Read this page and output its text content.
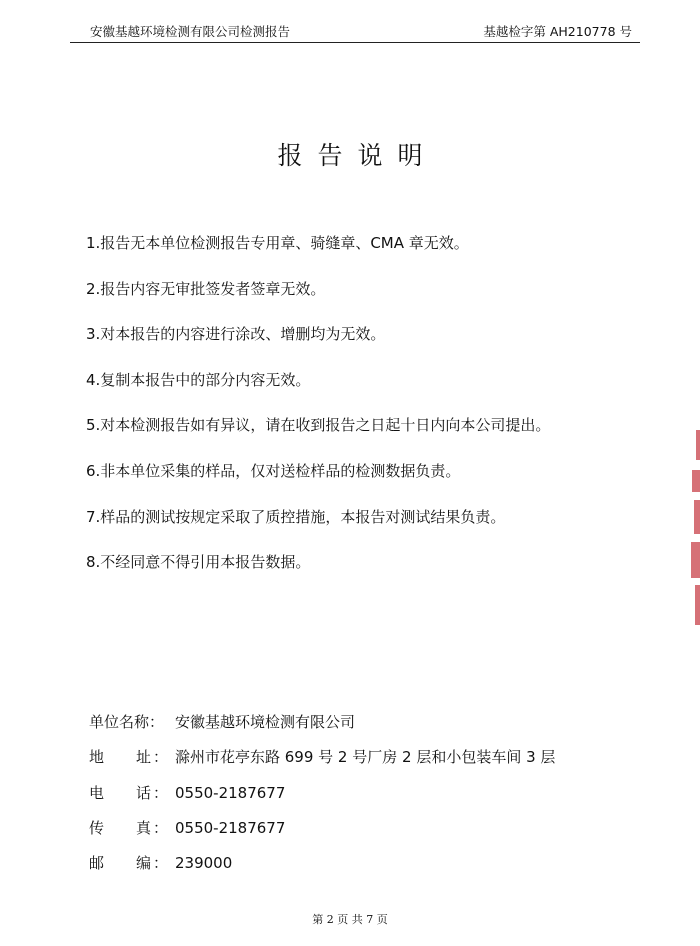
安徽基越环境检测有限公司检测报告	基越检字第 AH210778 号
报告说明
1.报告无本单位检测报告专用章、骑缝章、CMA 章无效。
2.报告内容无审批签发者签章无效。
3.对本报告的内容进行涂改、增删均为无效。
4.复制本报告中的部分内容无效。
5.对本检测报告如有异议，请在收到报告之日起十日内向本公司提出。
6.非本单位采集的样品，仅对送检样品的检测数据负责。
7.样品的测试按规定采取了质控措施，本报告对测试结果负责。
8.不经同意不得引用本报告数据。
单位名称： 安徽基越环境检测有限公司
地 址 ： 滁州市花亭东路 699 号 2 号厂房 2 层和小包装车间 3 层
电 话 ： 0550-2187677
传 真 ： 0550-2187677
邮 编 ： 239000
第 2 页 共 7 页
